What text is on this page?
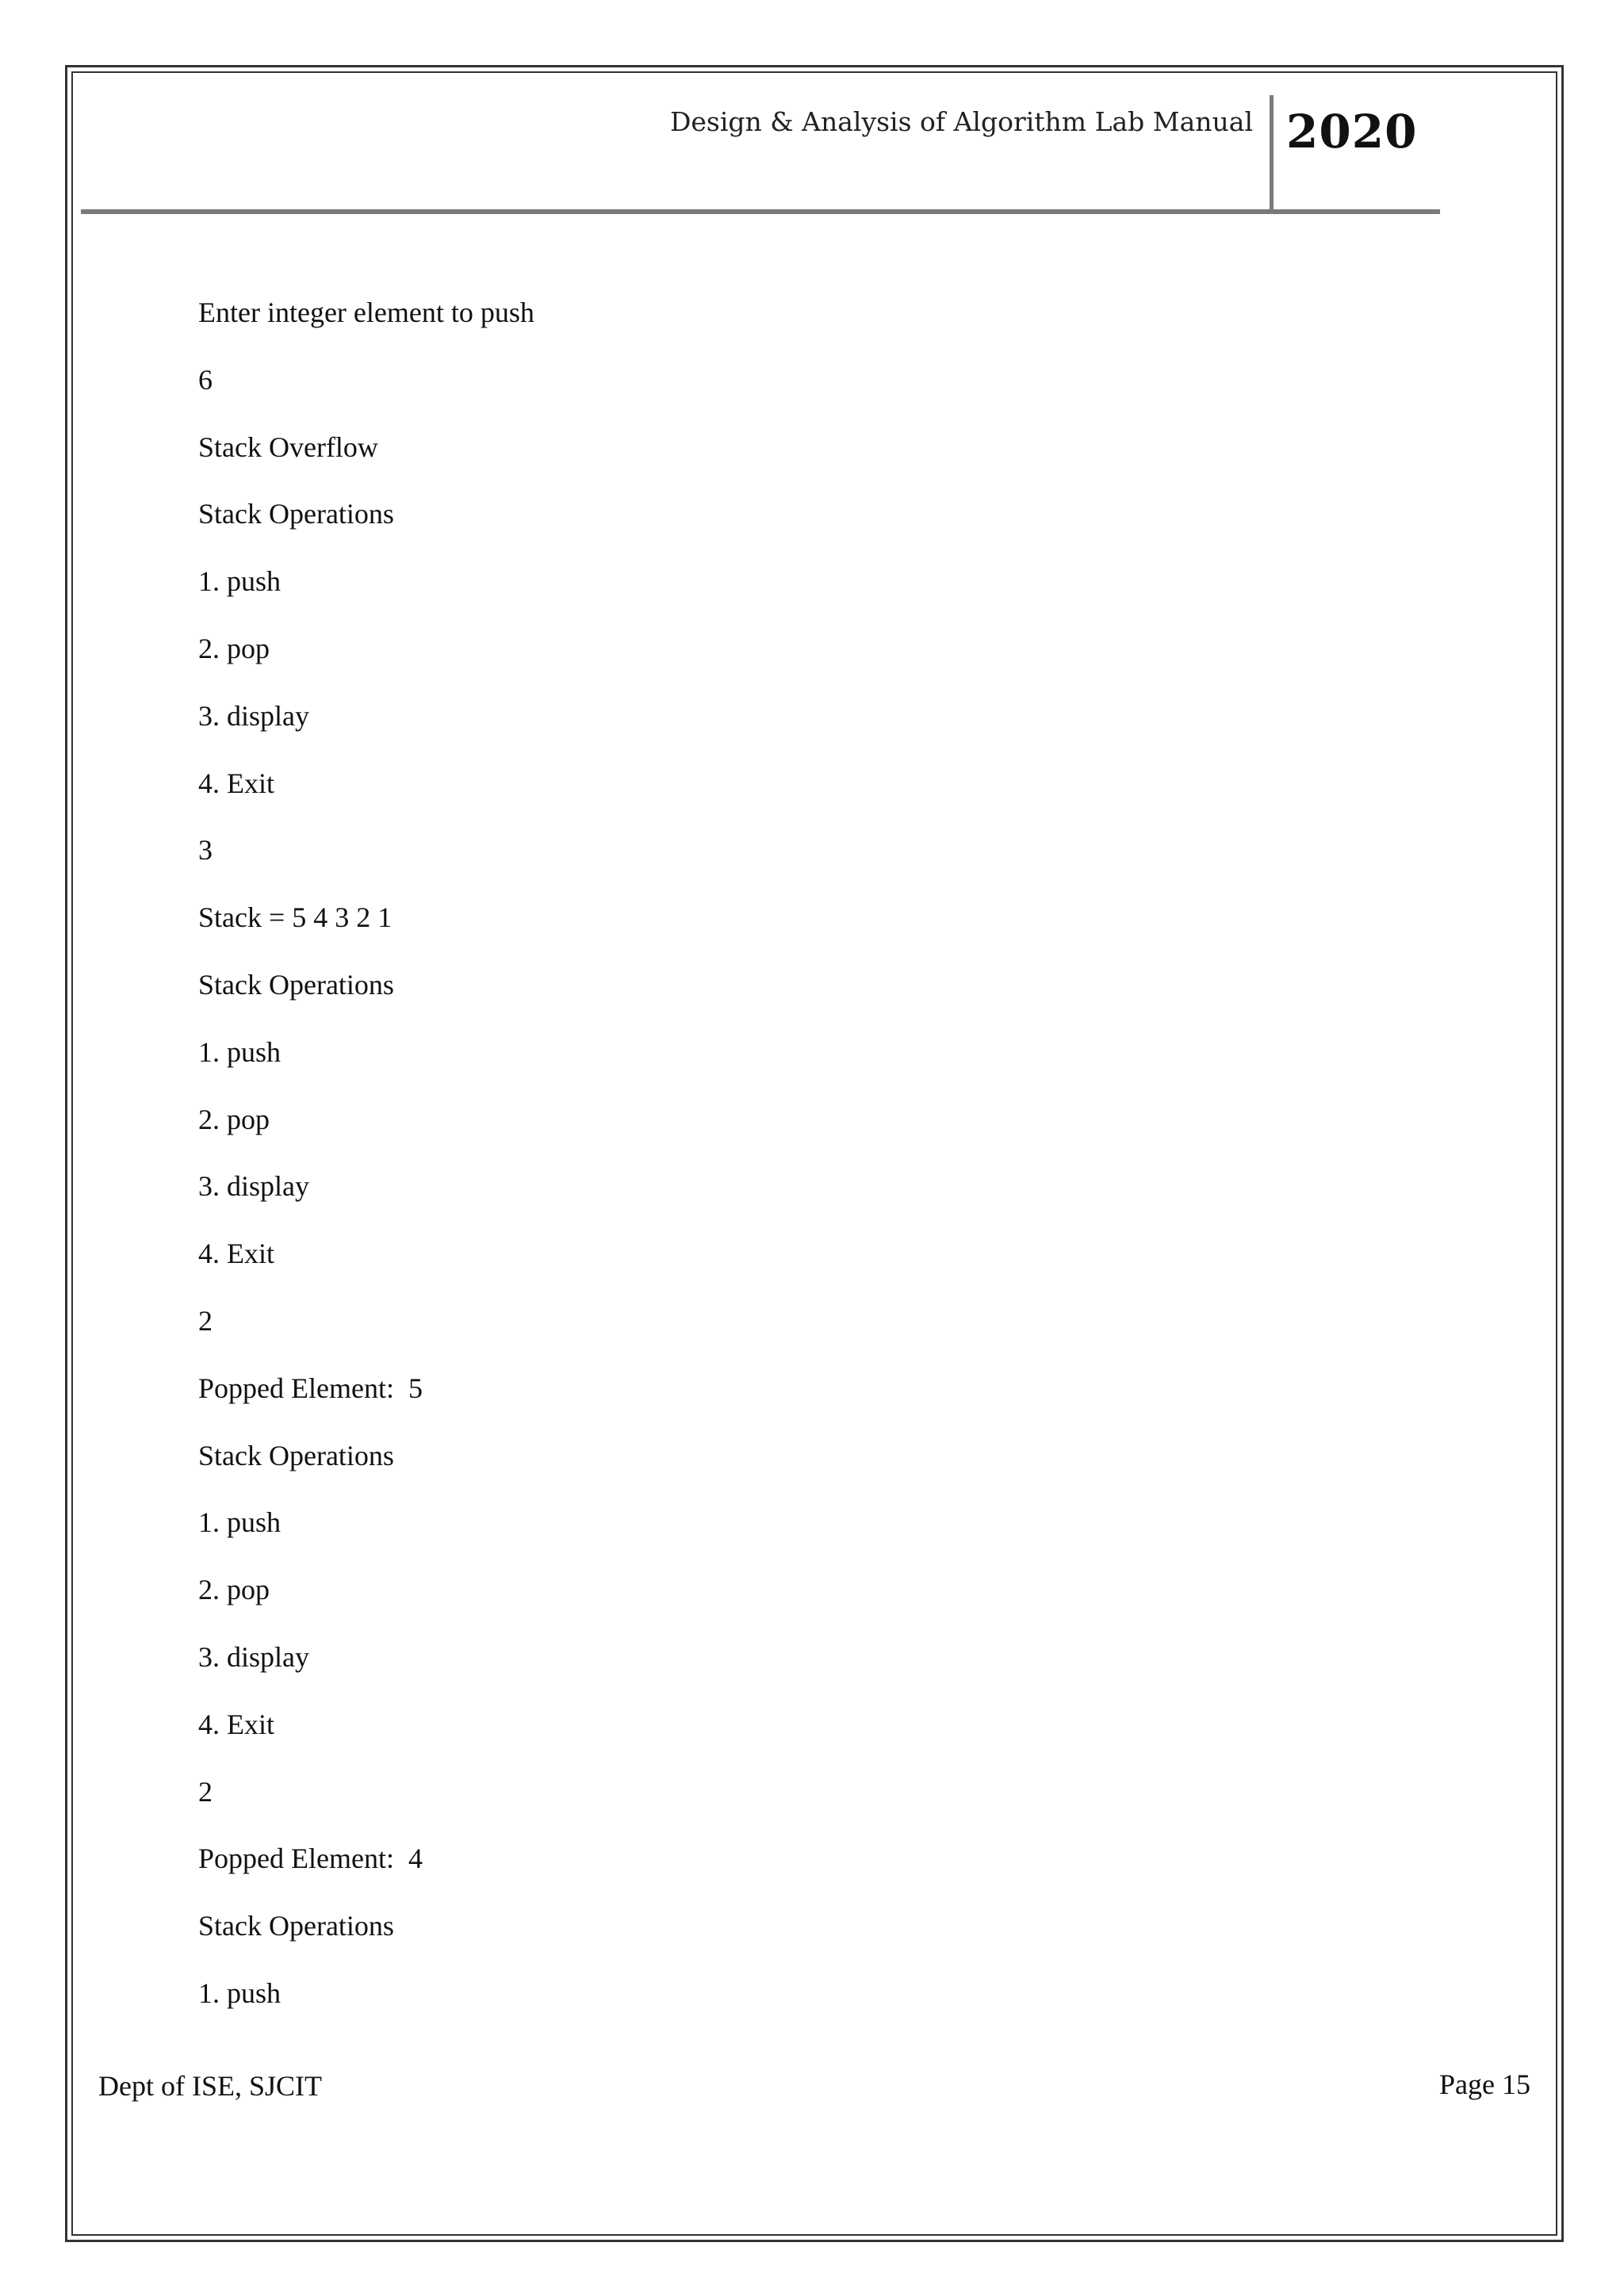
Design & Analysis of Algorithm Lab Manual 2020
Enter integer element to push
6
Stack Overflow
Stack Operations
1. push
2. pop
3. display
4. Exit
3
Stack = 5 4 3 2 1
Stack Operations
1. push
2. pop
3. display
4. Exit
2
Popped Element:  5
Stack Operations
1. push
2. pop
3. display
4. Exit
2
Popped Element:  4
Stack Operations
1. push
Dept of ISE, SJCIT	Page 15
